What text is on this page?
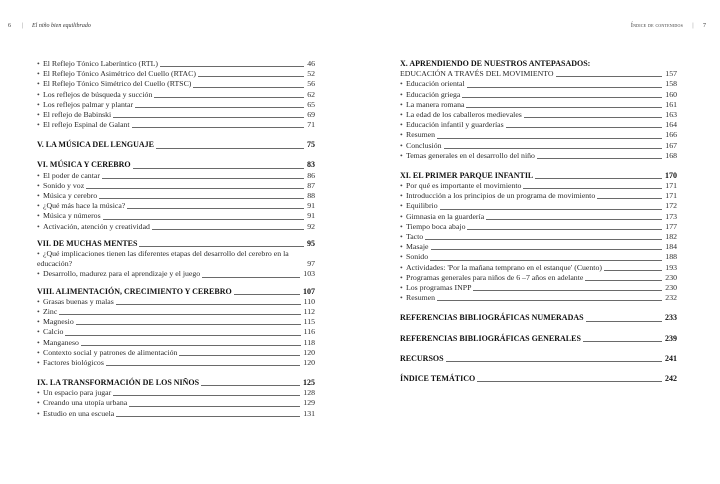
6 | El niño bien equilibrado
• El Reflejo Tónico Laberíntico (RTL)	46
• El Reflejo Tónico Asimétrico del Cuello (RTAC)	52
• El Reflejo Tónico Simétrico del Cuello (RTSC)	56
• Los reflejos de búsqueda y succión	62
• Los reflejos palmar y plantar	65
• El reflejo de Babinski	69
• El reflejo Espinal de Galant	71
V. LA MÚSICA DEL LENGUAJE	75
VI. MÚSICA Y CEREBRO	83
• El poder de cantar	86
• Sonido y voz	87
• Música y cerebro	88
• ¿Qué más hace la música?	91
• Música y números	91
• Activación, atención y creatividad	92
VII. DE MUCHAS MENTES	95
• ¿Qué implicaciones tienen las diferentes etapas del desarrollo del cerebro en la educación?	97
• Desarrollo, madurez para el aprendizaje y el juego	103
VIII. ALIMENTACIÓN, CRECIMIENTO Y CEREBRO	107
• Grasas buenas y malas	110
• Zinc	112
• Magnesio	115
• Calcio	116
• Manganeso	118
• Contexto social y patrones de alimentación	120
• Factores biológicos	120
IX. LA TRANSFORMACIÓN DE LOS NIÑOS	125
• Un espacio para jugar	128
• Creando una utopía urbana	129
• Estudio en una escuela	131
Índice de contenidos | 7
X. APRENDIENDO DE NUESTROS ANTEPASADOS:
EDUCACIÓN A TRAVÉS DEL MOVIMIENTO	157
• Educación oriental	158
• Educación griega	160
• La manera romana	161
• La edad de los caballeros medievales	163
• Educación infantil y guarderías	164
• Resumen	166
• Conclusión	167
• Temas generales en el desarrollo del niño	168
XI. EL PRIMER PARQUE INFANTIL	170
• Por qué es importante el movimiento	171
• Introducción a los principios de un programa de movimiento	171
• Equilibrio	172
• Gimnasia en la guardería	173
• Tiempo boca abajo	177
• Tacto	182
• Masaje	184
• Sonido	188
• Actividades: 'Por la mañana temprano en el estanque' (Cuento)	193
• Programas generales para niños de 6 –7 años en adelante	230
• Los programas INPP	230
• Resumen	232
REFERENCIAS BIBLIOGRÁFICAS NUMERADAS	233
REFERENCIAS BIBLIOGRÁFICAS GENERALES	239
RECURSOS	241
ÍNDICE TEMÁTICO	242
